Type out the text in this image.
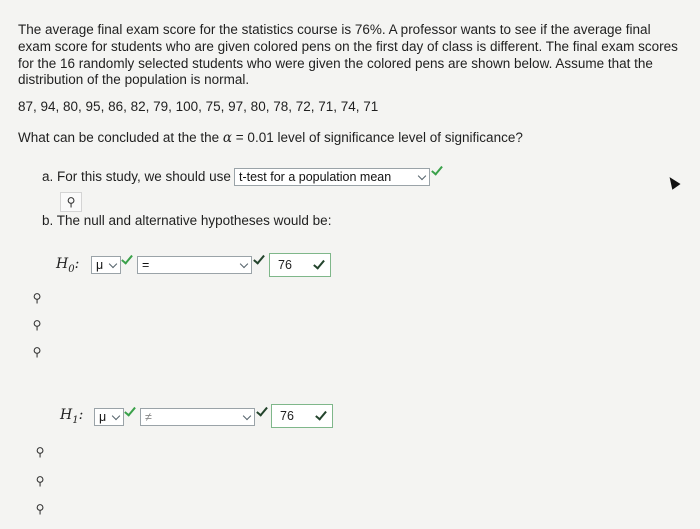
The average final exam score for the statistics course is 76%. A professor wants to see if the average final exam score for students who are given colored pens on the first day of class is different. The final exam scores for the 16 randomly selected students who were given the colored pens are shown below. Assume that the distribution of the population is normal.
87, 94, 80, 95, 86, 82, 79, 100, 75, 97, 80, 78, 72, 71, 74, 71
What can be concluded at the the α = 0.01 level of significance level of significance?
a. For this study, we should use t-test for a population mean
⚲
b. The null and alternative hypotheses would be:
$H_0$:	μ	=	76
⚲
⚲
⚲
$H_1$:	μ	≠	76
⚲
⚲
⚲
